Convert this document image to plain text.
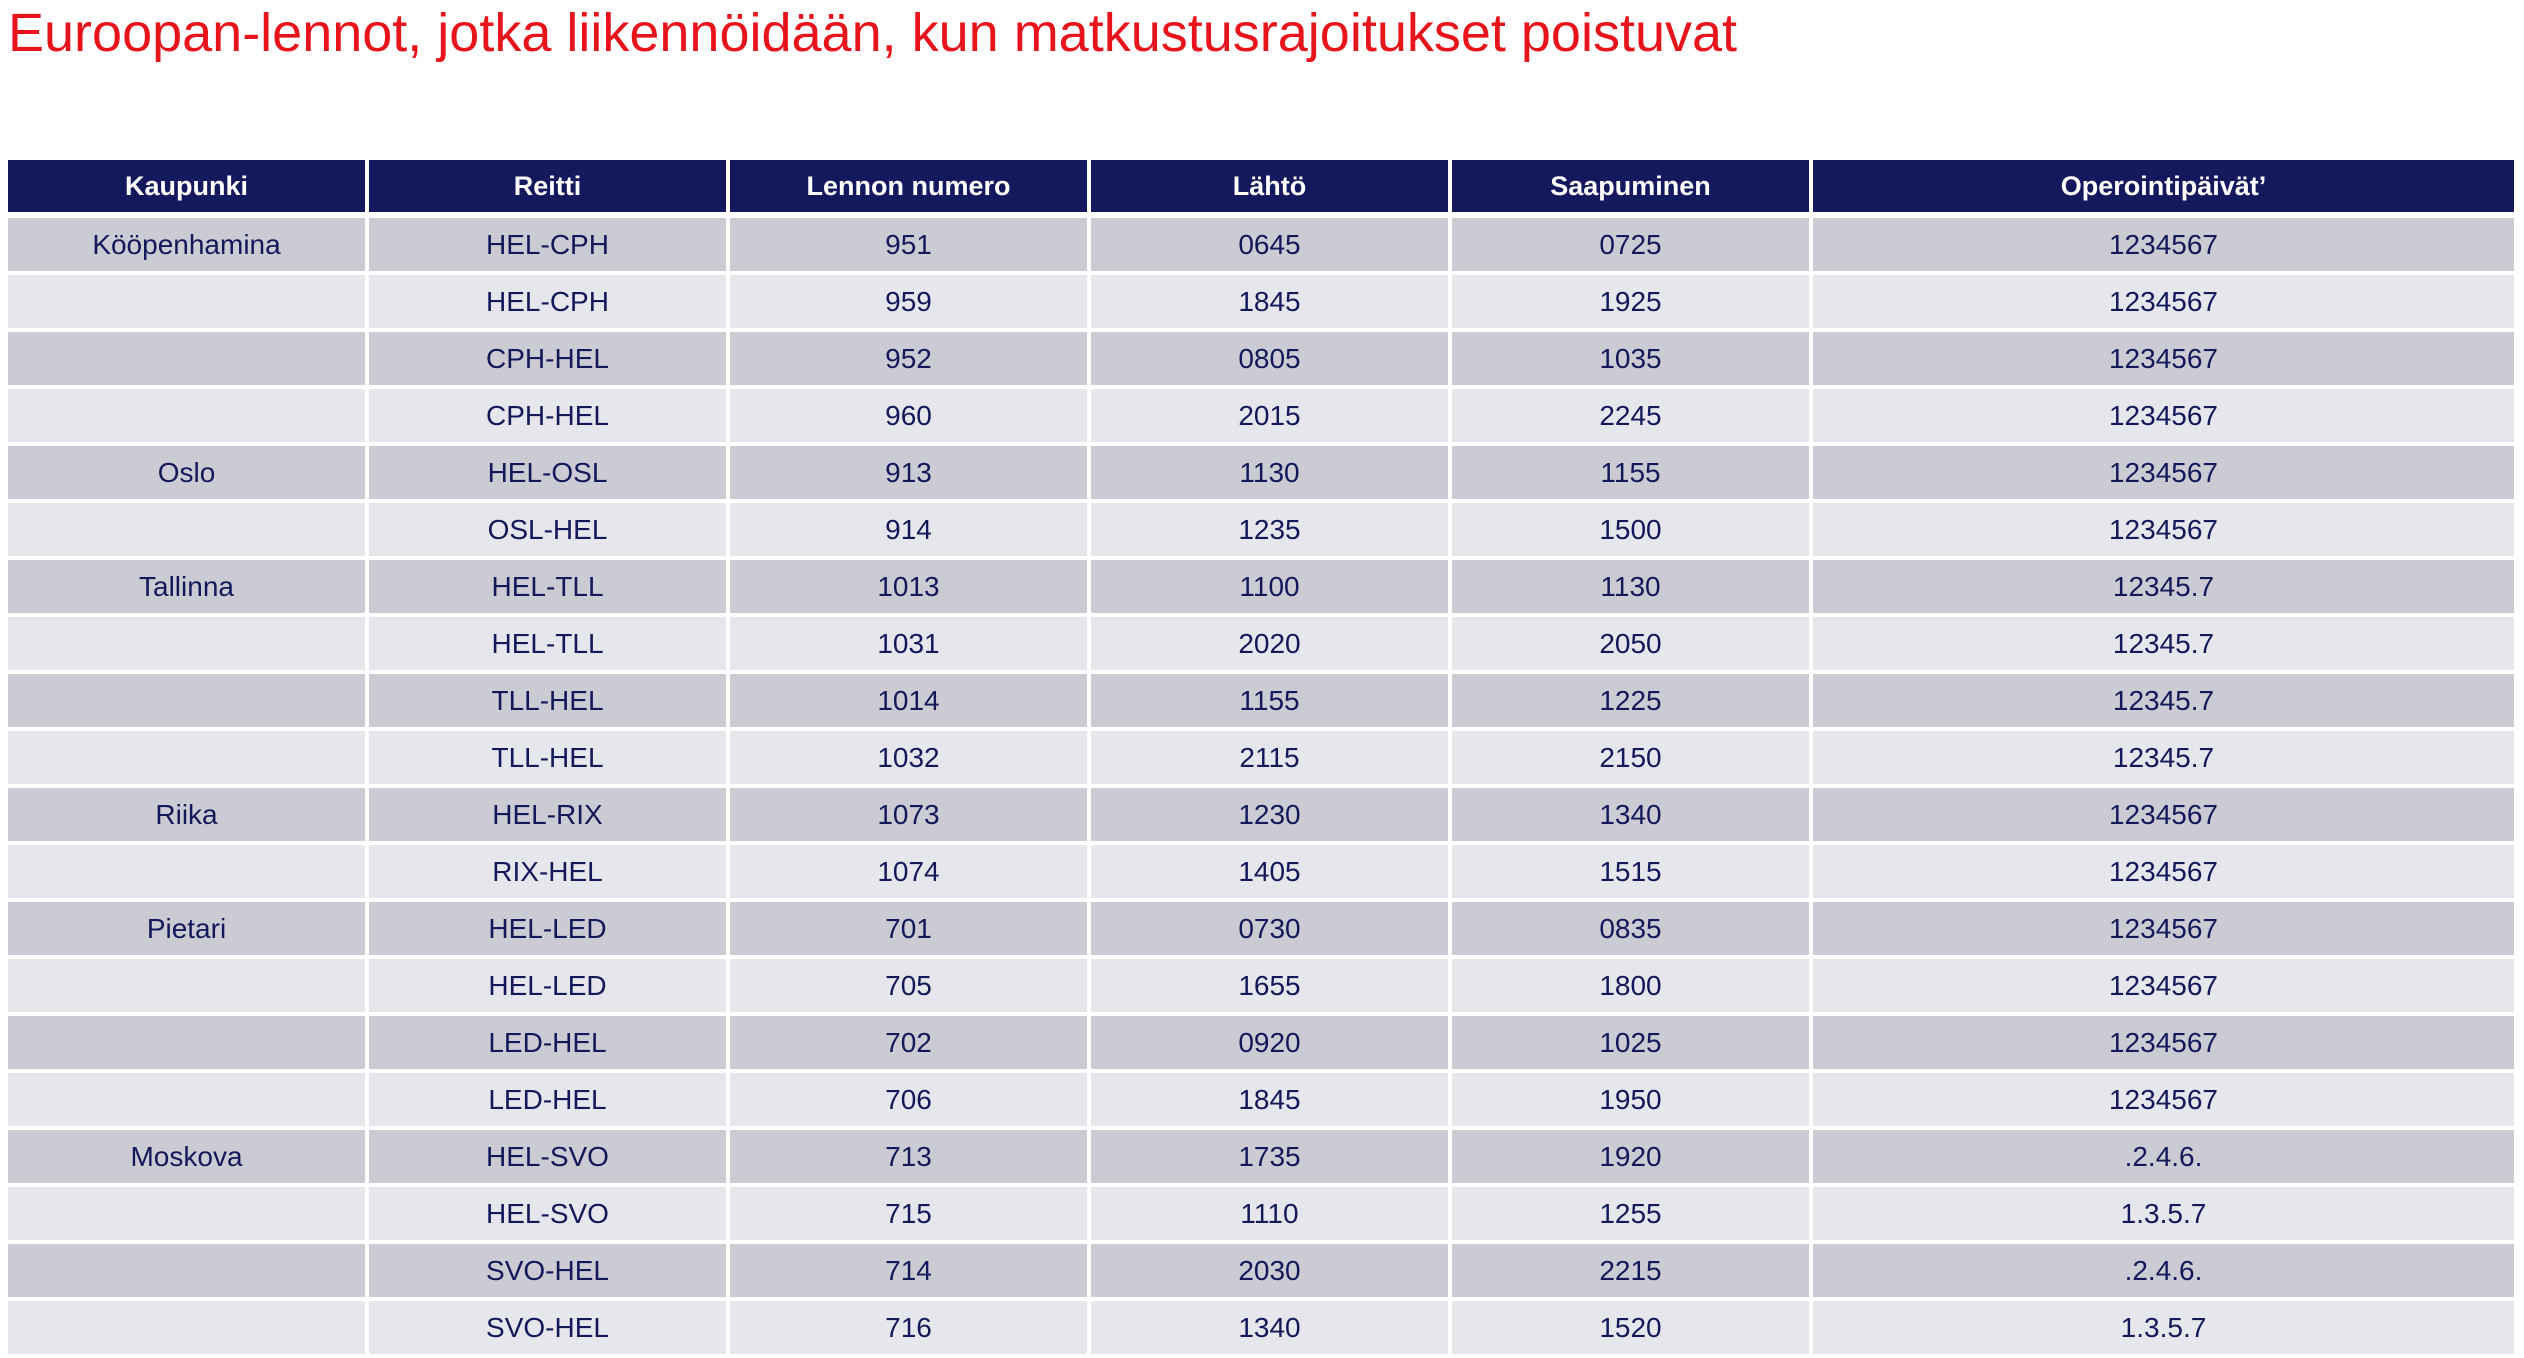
Euroopan-lennot, jotka liikennöidään, kun matkustusrajoitukset poistuvat
Kaupunki	Reitti	Lennon numero	Lähtö	Saapuminen	Operointipäivät’
Kööpenhamina	HEL-CPH	951	0645	0725	1234567
	HEL-CPH	959	1845	1925	1234567
	CPH-HEL	952	0805	1035	1234567
	CPH-HEL	960	2015	2245	1234567
Oslo	HEL-OSL	913	1130	1155	1234567
	OSL-HEL	914	1235	1500	1234567
Tallinna	HEL-TLL	1013	1100	1130	12345.7
	HEL-TLL	1031	2020	2050	12345.7
	TLL-HEL	1014	1155	1225	12345.7
	TLL-HEL	1032	2115	2150	12345.7
Riika	HEL-RIX	1073	1230	1340	1234567
	RIX-HEL	1074	1405	1515	1234567
Pietari	HEL-LED	701	0730	0835	1234567
	HEL-LED	705	1655	1800	1234567
	LED-HEL	702	0920	1025	1234567
	LED-HEL	706	1845	1950	1234567
Moskova	HEL-SVO	713	1735	1920	.2.4.6.
	HEL-SVO	715	1110	1255	1.3.5.7
	SVO-HEL	714	2030	2215	.2.4.6.
	SVO-HEL	716	1340	1520	1.3.5.7
